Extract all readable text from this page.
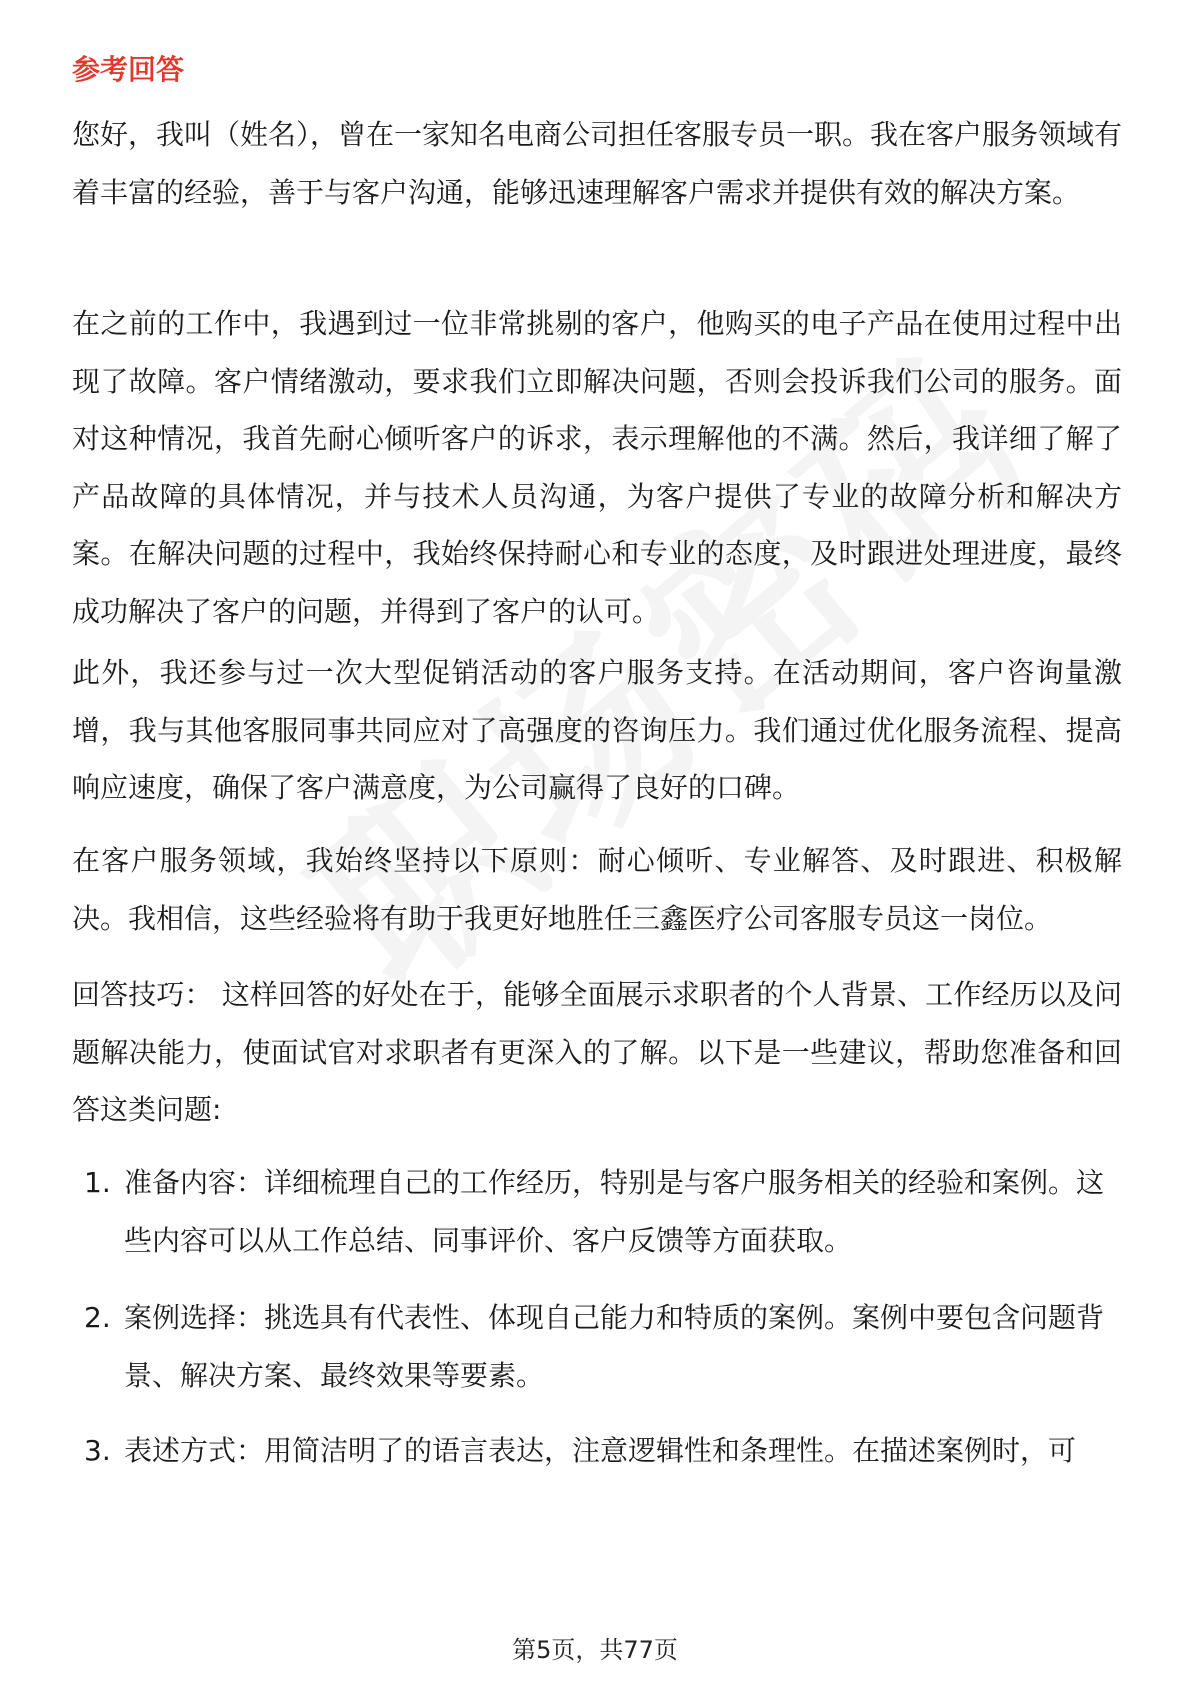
参考回答

您好，我叫（姓名），曾在一家知名电商公司担任客服专员一职。我在客户服务领域有着丰富的经验，善于与客户沟通，能够迅速理解客户需求并提供有效的解决方案。

在之前的工作中，我遇到过一位非常挑剔的客户，他购买的电子产品在使用过程中出现了故障。客户情绪激动，要求我们立即解决问题，否则会投诉我们公司的服务。面对这种情况，我首先耐心倾听客户的诉求，表示理解他的不满。然后，我详细了解了产品故障的具体情况，并与技术人员沟通，为客户提供了专业的故障分析和解决方案。在解决问题的过程中，我始终保持耐心和专业的态度，及时跟进处理进度，最终成功解决了客户的问题，并得到了客户的认可。

此外，我还参与过一次大型促销活动的客户服务支持。在活动期间，客户咨询量激增，我与其他客服同事共同应对了高强度的咨询压力。我们通过优化服务流程、提高响应速度，确保了客户满意度，为公司赢得了良好的口碑。

在客户服务领域，我始终坚持以下原则：耐心倾听、专业解答、及时跟进、积极解决。我相信，这些经验将有助于我更好地胜任三鑫医疗公司客服专员这一岗位。

回答技巧： 这样回答的好处在于，能够全面展示求职者的个人背景、工作经历以及问题解决能力，使面试官对求职者有更深入的了解。以下是一些建议，帮助您准备和回答这类问题:

1. 准备内容：详细梳理自己的工作经历，特别是与客户服务相关的经验和案例。这些内容可以从工作总结、同事评价、客户反馈等方面获取。
2. 案例选择：挑选具有代表性、体现自己能力和特质的案例。案例中要包含问题背景、解决方案、最终效果等要素。
3. 表述方式：用简洁明了的语言表达，注意逻辑性和条理性。在描述案例时，可
第5页，共77页
